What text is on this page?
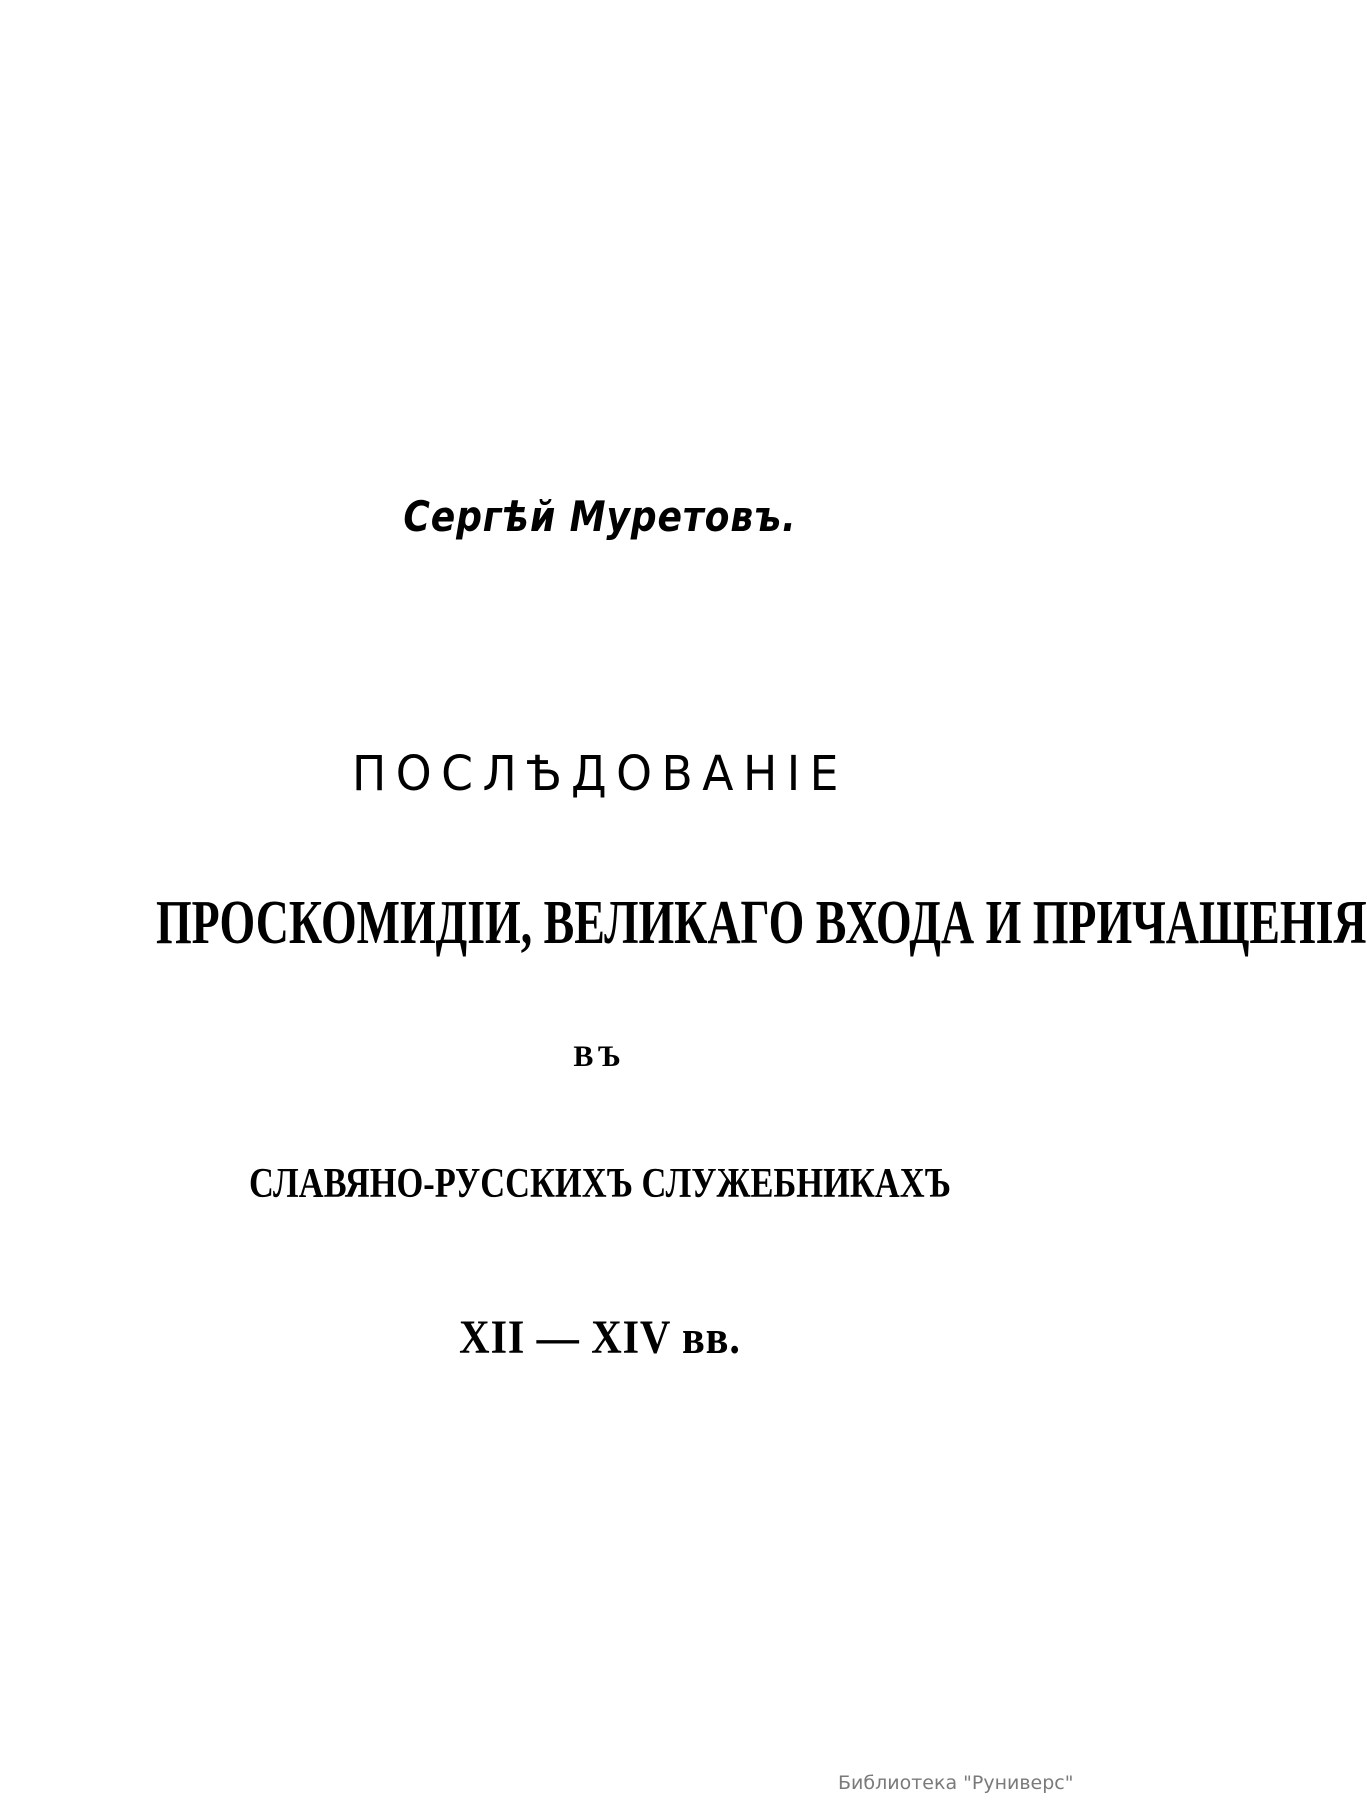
Сергѣй Муретовъ.
ПОСЛѢДОВАНІЕ
ПРОСКОМИДІИ, ВЕЛИКАГО ВХОДА И ПРИЧАЩЕНІЯ
ВЪ
СЛАВЯНО-РУССКИХЪ СЛУЖЕБНИКАХЪ
XII — XIV вв.
Библиотека "Руниверс"
